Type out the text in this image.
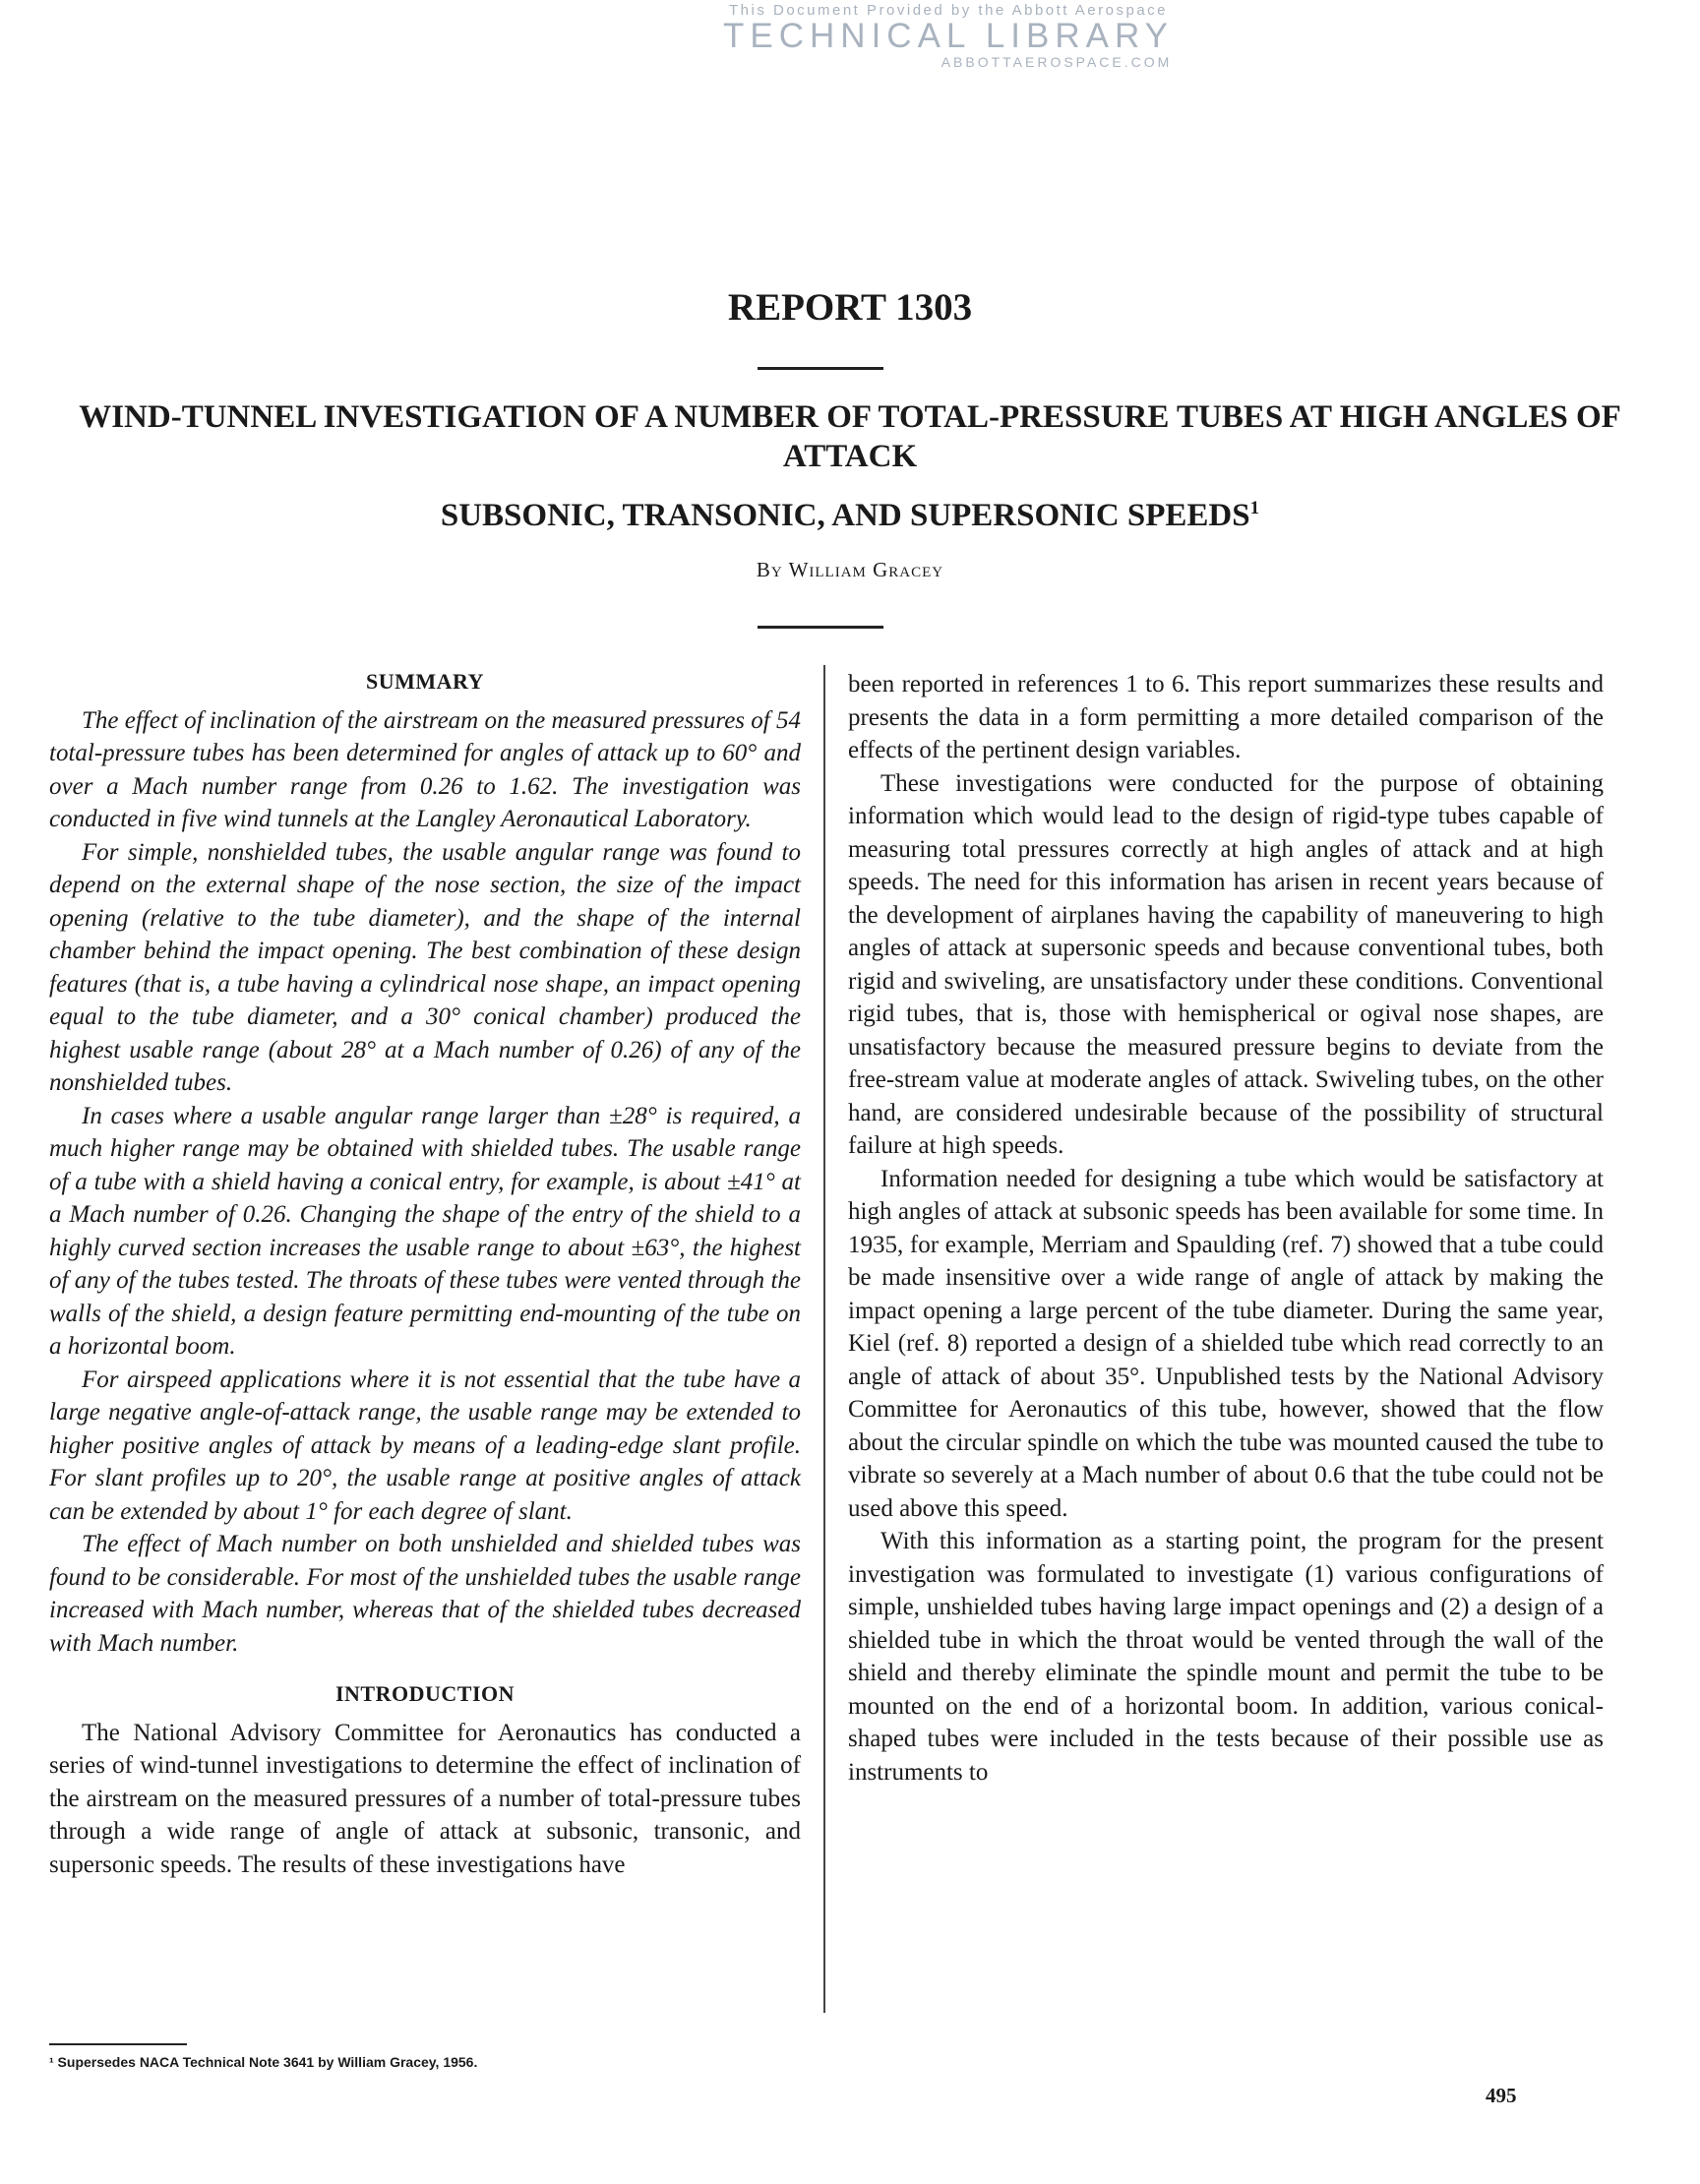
This Document Provided by the Abbott Aerospace
TECHNICAL LIBRARY
ABBOTTAEROSPACE.COM
REPORT 1303
WIND-TUNNEL INVESTIGATION OF A NUMBER OF TOTAL-PRESSURE TUBES AT HIGH ANGLES OF ATTACK
SUBSONIC, TRANSONIC, AND SUPERSONIC SPEEDS$^1$
By William Gracey
SUMMARY

The effect of inclination of the airstream on the measured pressures of 54 total-pressure tubes has been determined for angles of attack up to 60° and over a Mach number range from 0.26 to 1.62. The investigation was conducted in five wind tunnels at the Langley Aeronautical Laboratory.

For simple, nonshielded tubes, the usable angular range was found to depend on the external shape of the nose section, the size of the impact opening (relative to the tube diameter), and the shape of the internal chamber behind the impact opening. The best combination of these design features (that is, a tube having a cylindrical nose shape, an impact opening equal to the tube diameter, and a 30° conical chamber) produced the highest usable range (about 28° at a Mach number of 0.26) of any of the nonshielded tubes.

In cases where a usable angular range larger than ±28° is required, a much higher range may be obtained with shielded tubes. The usable range of a tube with a shield having a conical entry, for example, is about ±41° at a Mach number of 0.26. Changing the shape of the entry of the shield to a highly curved section increases the usable range to about ±63°, the highest of any of the tubes tested. The throats of these tubes were vented through the walls of the shield, a design feature permitting end-mounting of the tube on a horizontal boom.

For airspeed applications where it is not essential that the tube have a large negative angle-of-attack range, the usable range may be extended to higher positive angles of attack by means of a leading-edge slant profile. For slant profiles up to 20°, the usable range at positive angles of attack can be extended by about 1° for each degree of slant.

The effect of Mach number on both unshielded and shielded tubes was found to be considerable. For most of the unshielded tubes the usable range increased with Mach number, whereas that of the shielded tubes decreased with Mach number.

INTRODUCTION

The National Advisory Committee for Aeronautics has conducted a series of wind-tunnel investigations to determine the effect of inclination of the airstream on the measured pressures of a number of total-pressure tubes through a wide range of angle of attack at subsonic, transonic, and supersonic speeds. The results of these investigations have

been reported in references 1 to 6. This report summarizes these results and presents the data in a form permitting a more detailed comparison of the effects of the pertinent design variables.

These investigations were conducted for the purpose of obtaining information which would lead to the design of rigid-type tubes capable of measuring total pressures correctly at high angles of attack and at high speeds. The need for this information has arisen in recent years because of the development of airplanes having the capability of maneuvering to high angles of attack at supersonic speeds and because conventional tubes, both rigid and swiveling, are unsatisfactory under these conditions. Conventional rigid tubes, that is, those with hemispherical or ogival nose shapes, are unsatisfactory because the measured pressure begins to deviate from the free-stream value at moderate angles of attack. Swiveling tubes, on the other hand, are considered undesirable because of the possibility of structural failure at high speeds.

Information needed for designing a tube which would be satisfactory at high angles of attack at subsonic speeds has been available for some time. In 1935, for example, Merriam and Spaulding (ref. 7) showed that a tube could be made insensitive over a wide range of angle of attack by making the impact opening a large percent of the tube diameter. During the same year, Kiel (ref. 8) reported a design of a shielded tube which read correctly to an angle of attack of about 35°. Unpublished tests by the National Advisory Committee for Aeronautics of this tube, however, showed that the flow about the circular spindle on which the tube was mounted caused the tube to vibrate so severely at a Mach number of about 0.6 that the tube could not be used above this speed.

With this information as a starting point, the program for the present investigation was formulated to investigate (1) various configurations of simple, unshielded tubes having large impact openings and (2) a design of a shielded tube in which the throat would be vented through the wall of the shield and thereby eliminate the spindle mount and permit the tube to be mounted on the end of a horizontal boom. In addition, various conical-shaped tubes were included in the tests because of their possible use as instruments to

¹ Supersedes NACA Technical Note 3641 by William Gracey, 1956.
495
